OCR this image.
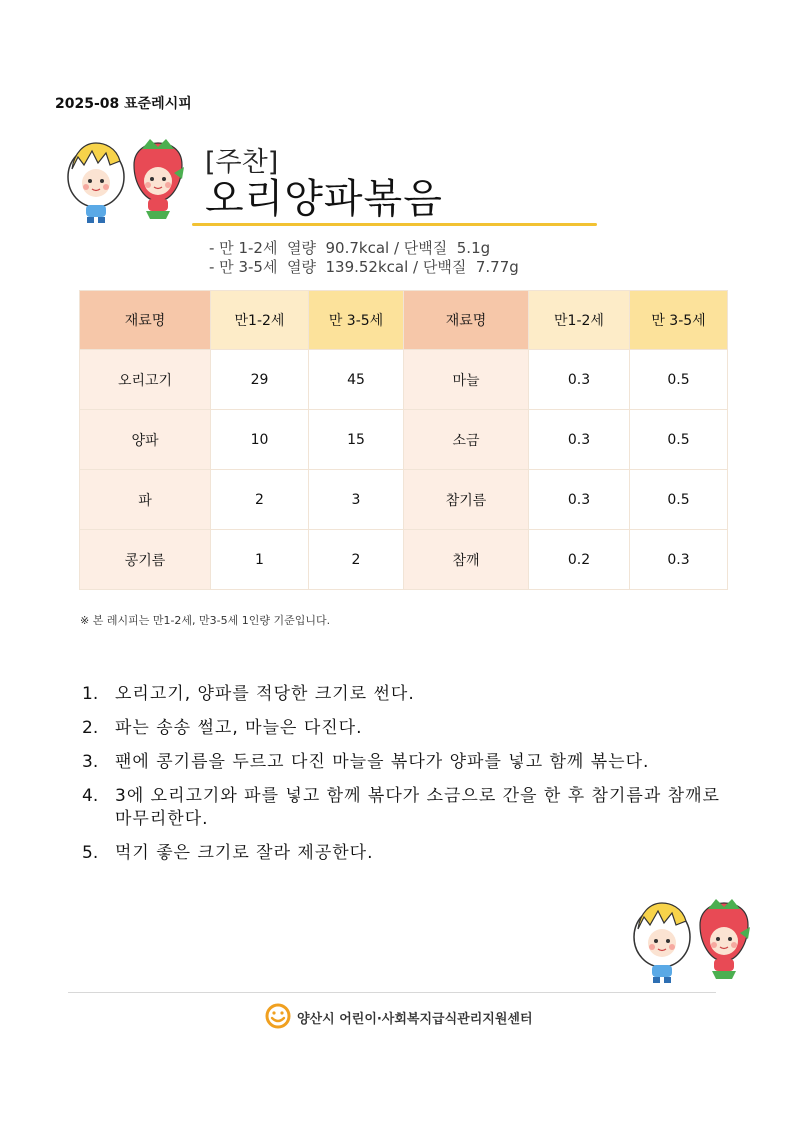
2025-08 표준레시피
[주찬]
오리양파볶음
- 만 1-2세  열량  90.7kcal / 단백질  5.1g
- 만 3-5세  열량  139.52kcal / 단백질  7.77g
재료명	만1-2세	만 3-5세	재료명	만1-2세	만 3-5세
오리고기	29	45	마늘	0.3	0.5
양파	10	15	소금	0.3	0.5
파	2	3	참기름	0.3	0.5
콩기름	1	2	참깨	0.2	0.3
※ 본 레시피는 만1-2세, 만3-5세 1인량 기준입니다.
1. 오리고기, 양파를 적당한 크기로 썬다.
2. 파는 송송 썰고, 마늘은 다진다.
3. 팬에 콩기름을 두르고 다진 마늘을 볶다가 양파를 넣고 함께 볶는다.
4. 3에 오리고기와 파를 넣고 함께 볶다가 소금으로 간을 한 후 참기름과 참깨로 마무리한다.
5. 먹기 좋은 크기로 잘라 제공한다.
양산시 어린이·사회복지급식관리지원센터
